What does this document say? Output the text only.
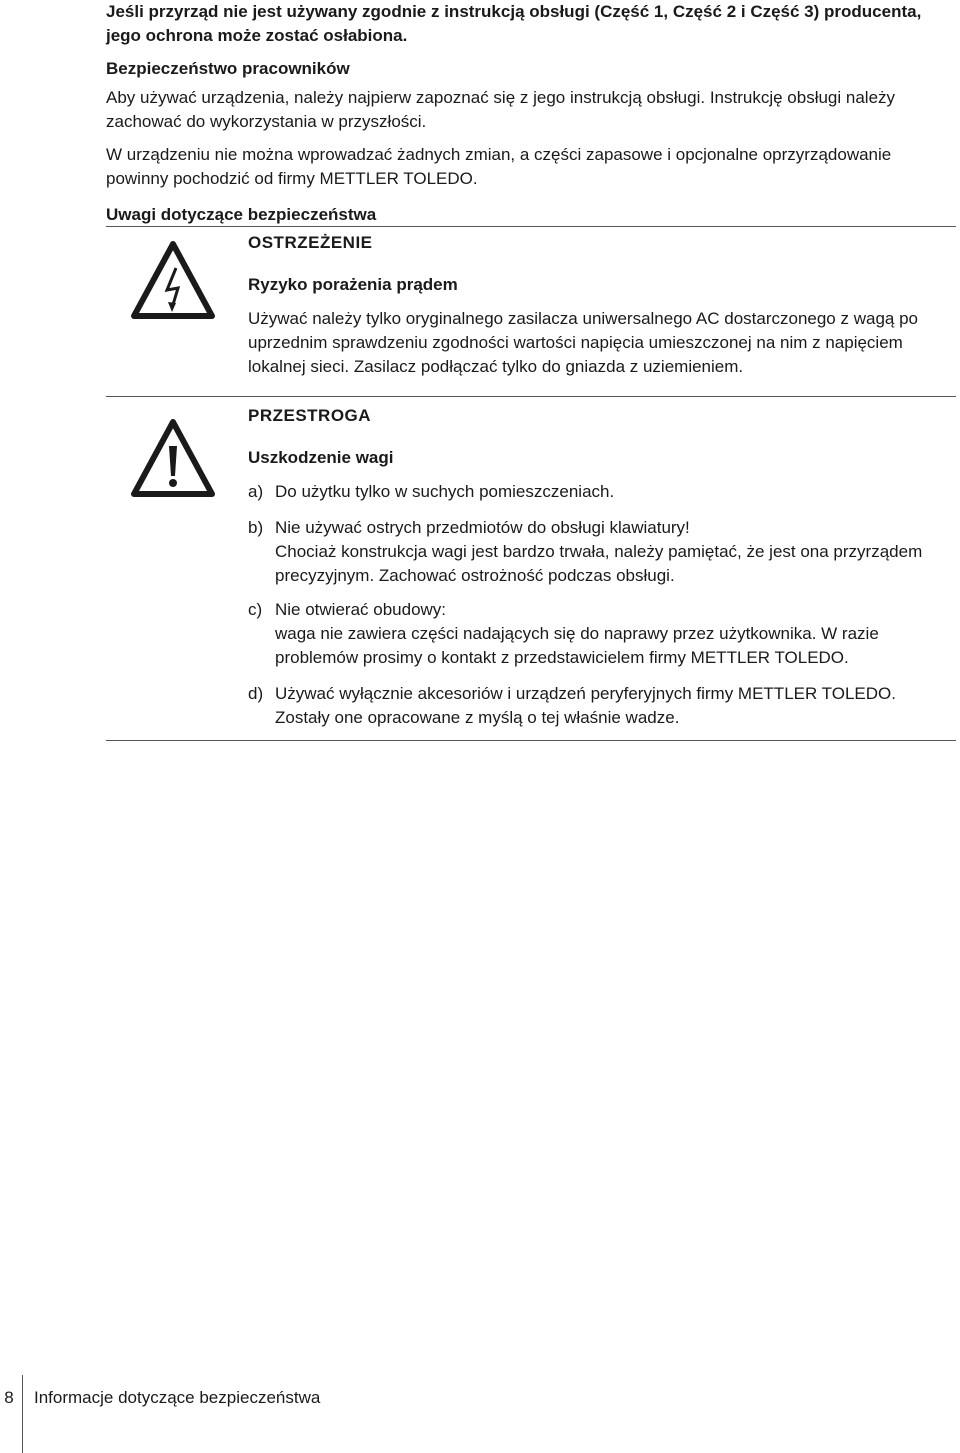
Jeśli przyrząd nie jest używany zgodnie z instrukcją obsługi (Część 1, Część 2 i Część 3) producenta, jego ochrona może zostać osłabiona.
Bezpieczeństwo pracowników
Aby używać urządzenia, należy najpierw zapoznać się z jego instrukcją obsługi. Instrukcję obsługi należy zachować do wykorzystania w przyszłości.
W urządzeniu nie można wprowadzać żadnych zmian, a części zapasowe i opcjonalne oprzyrządowanie powinny pochodzić od firmy METTLER TOLEDO.
Uwagi dotyczące bezpieczeństwa
OSTRZEŻENIE
Ryzyko porażenia prądem
Używać należy tylko oryginalnego zasilacza uniwersalnego AC dostarczonego z wagą po uprzednim sprawdzeniu zgodności wartości napięcia umieszczonej na nim z napięciem lokalnej sieci. Zasilacz podłączać tylko do gniazda z uziemieniem.
PRZESTROGA
Uszkodzenie wagi
a) Do użytku tylko w suchych pomieszczeniach.
b) Nie używać ostrych przedmiotów do obsługi klawiatury!
Chociaż konstrukcja wagi jest bardzo trwała, należy pamiętać, że jest ona przyrządem precyzyjnym. Zachować ostrożność podczas obsługi.
c) Nie otwierać obudowy:
waga nie zawiera części nadających się do naprawy przez użytkownika. W razie problemów prosimy o kontakt z przedstawicielem firmy METTLER TOLEDO.
d) Używać wyłącznie akcesoriów i urządzeń peryferyjnych firmy METTLER TOLEDO.
Zostały one opracowane z myślą o tej właśnie wadze.
8 Informacje dotyczące bezpieczeństwa
